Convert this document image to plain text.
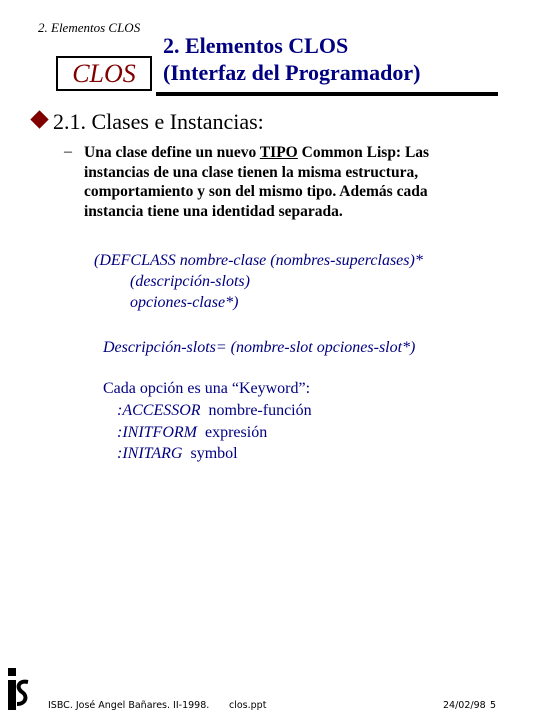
2. Elementos CLOS
CLOS
2. Elementos CLOS
(Interfaz del Programador)
2.1. Clases e Instancias:
– Una clase define un nuevo TIPO Common Lisp: Las instancias de una clase tienen la misma estructura, comportamiento y son del mismo tipo. Además cada instancia tiene una identidad separada.
(DEFCLASS nombre-clase (nombres-superclases)*
(descripción-slots)
opciones-clase*)
Descripción-slots= (nombre-slot opciones-slot*)
Cada opción es una “Keyword”:
:ACCESSOR nombre-función
:INITFORM expresión
:INITARG symbol
ISBC. José Angel Bañares. II-1998. clos.ppt	24/02/98 5
